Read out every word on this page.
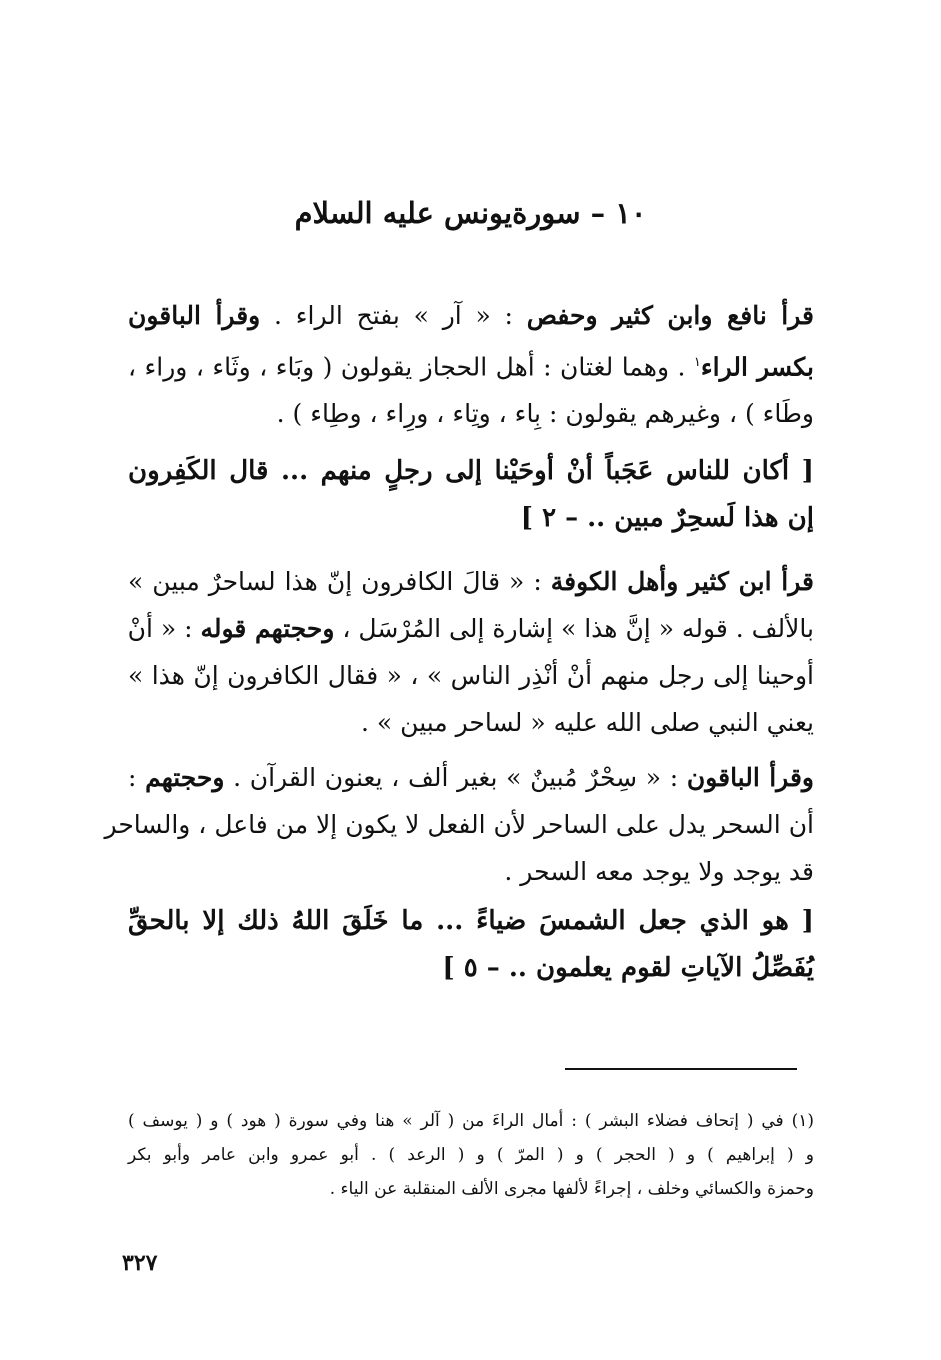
١٠ – سورةيونس عليه السلام
قرأ نافع وابن كثير وحفص : « آر » بفتح الراء . وقرأ الباقون
بكسر الراء$^١$ . وهما لغتان : أهل الحجاز يقولون ( وبَاء ، وثَاء ، وراء ،
وطَاء ) ، وغيرهم يقولون : بِاء ، وتِاء ، ورِاء ، وطِاء ) .
[ أكان للناس عَجَباً أنْ أوحَيْنا إلى رجلٍ منهم ... قال الكَفِرون
إن هذا لَسحِرٌ مبين .. – ٢ ]
قرأ ابن كثير وأهل الكوفة : « قالَ الكافرون إنّ هذا لساحرٌ مبين »
بالألف . قوله « إنَّ هذا » إشارة إلى المُرْسَل ، وحجتهم قوله : « أنْ
أوحينا إلى رجل منهم أنْ أنْذِر الناس » ، « فقال الكافرون إنّ هذا »
يعني النبي صلى الله عليه « لساحر مبين » .
وقرأ الباقون : « سِحْرٌ مُبينٌ » بغير ألف ، يعنون القرآن . وحجتهم :
أن السحر يدل على الساحر لأن الفعل لا يكون إلا من فاعل ، والساحر
قد يوجد ولا يوجد معه السحر .
[ هو الذي جعل الشمسَ ضياءً ... ما خَلَقَ اللهُ ذلك إلا بالحقِّ
يُفَصِّلُ الآياتِ لقوم يعلمون .. – ٥ ]
(١) في ( إتحاف فضلاء البشر ) : أمال الراءَ من ( آلر » هنا وفي سورة ( هود ) و ( يوسف )
و ( إبراهيم ) و ( الحجر ) و ( المرّ ) و ( الرعد ) . أبو عمرو وابن عامر وأبو بكر
وحمزة والكسائي وخلف ، إجراءً لألفها مجرى الألف المنقلبة عن الياء .
٣٢٧
